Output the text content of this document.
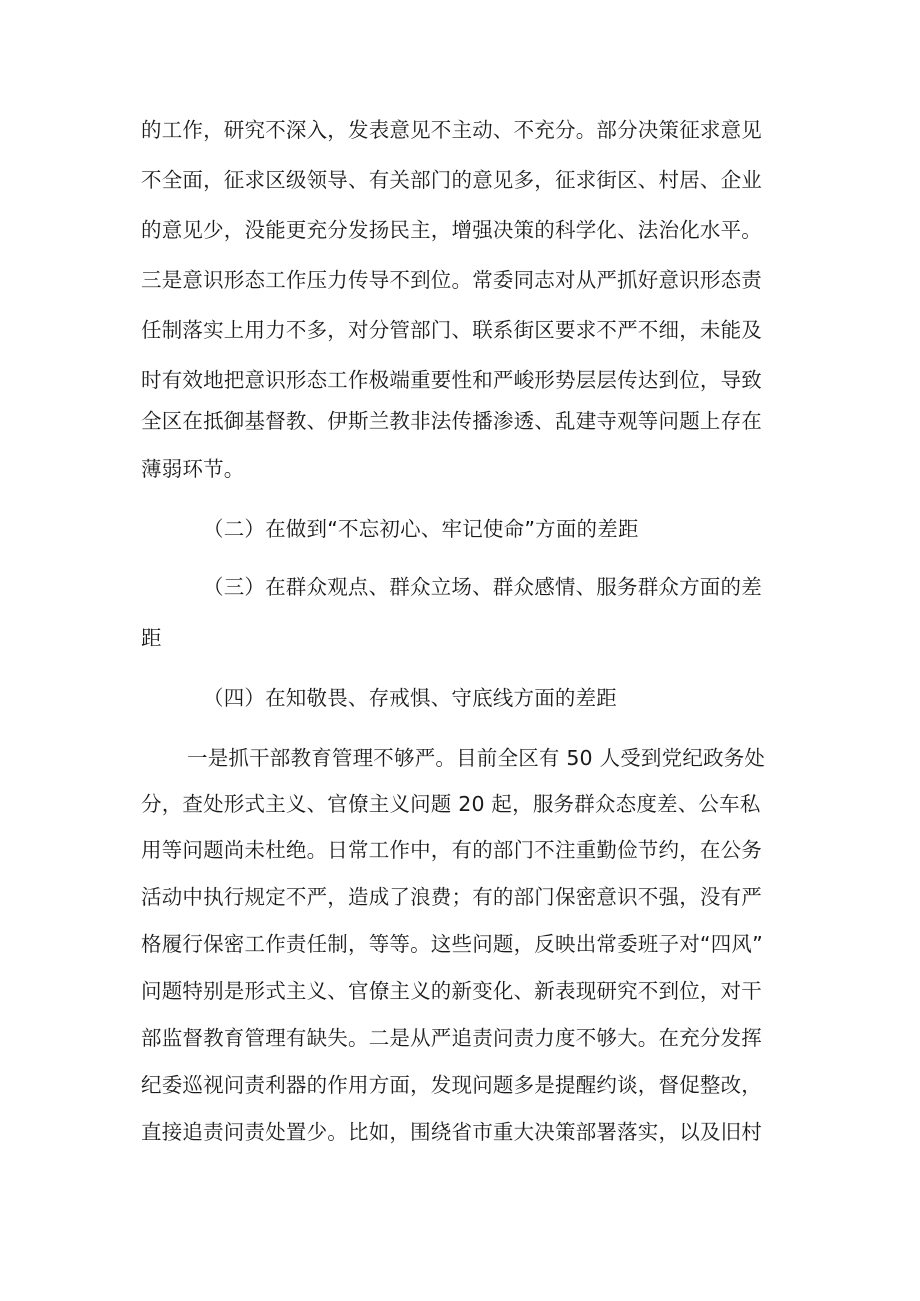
的工作，研究不深入，发表意见不主动、不充分。部分决策征求意见
不全面，征求区级领导、有关部门的意见多，征求街区、村居、企业
的意见少，没能更充分发扬民主，增强决策的科学化、法治化水平。
三是意识形态工作压力传导不到位。常委同志对从严抓好意识形态责
任制落实上用力不多，对分管部门、联系街区要求不严不细，未能及
时有效地把意识形态工作极端重要性和严峻形势层层传达到位，导致
全区在抵御基督教、伊斯兰教非法传播渗透、乱建寺观等问题上存在
薄弱环节。
（二）在做到“不忘初心、牢记使命”方面的差距
（三）在群众观点、群众立场、群众感情、服务群众方面的差
距
（四）在知敬畏、存戒惧、守底线方面的差距
一是抓干部教育管理不够严。目前全区有 50 人受到党纪政务处
分，查处形式主义、官僚主义问题 20 起，服务群众态度差、公车私
用等问题尚未杜绝。日常工作中，有的部门不注重勤俭节约，在公务
活动中执行规定不严，造成了浪费；有的部门保密意识不强，没有严
格履行保密工作责任制，等等。这些问题，反映出常委班子对“四风”
问题特别是形式主义、官僚主义的新变化、新表现研究不到位，对干
部监督教育管理有缺失。二是从严追责问责力度不够大。在充分发挥
纪委巡视问责利器的作用方面，发现问题多是提醒约谈，督促整改，
直接追责问责处置少。比如，围绕省市重大决策部署落实，以及旧村
